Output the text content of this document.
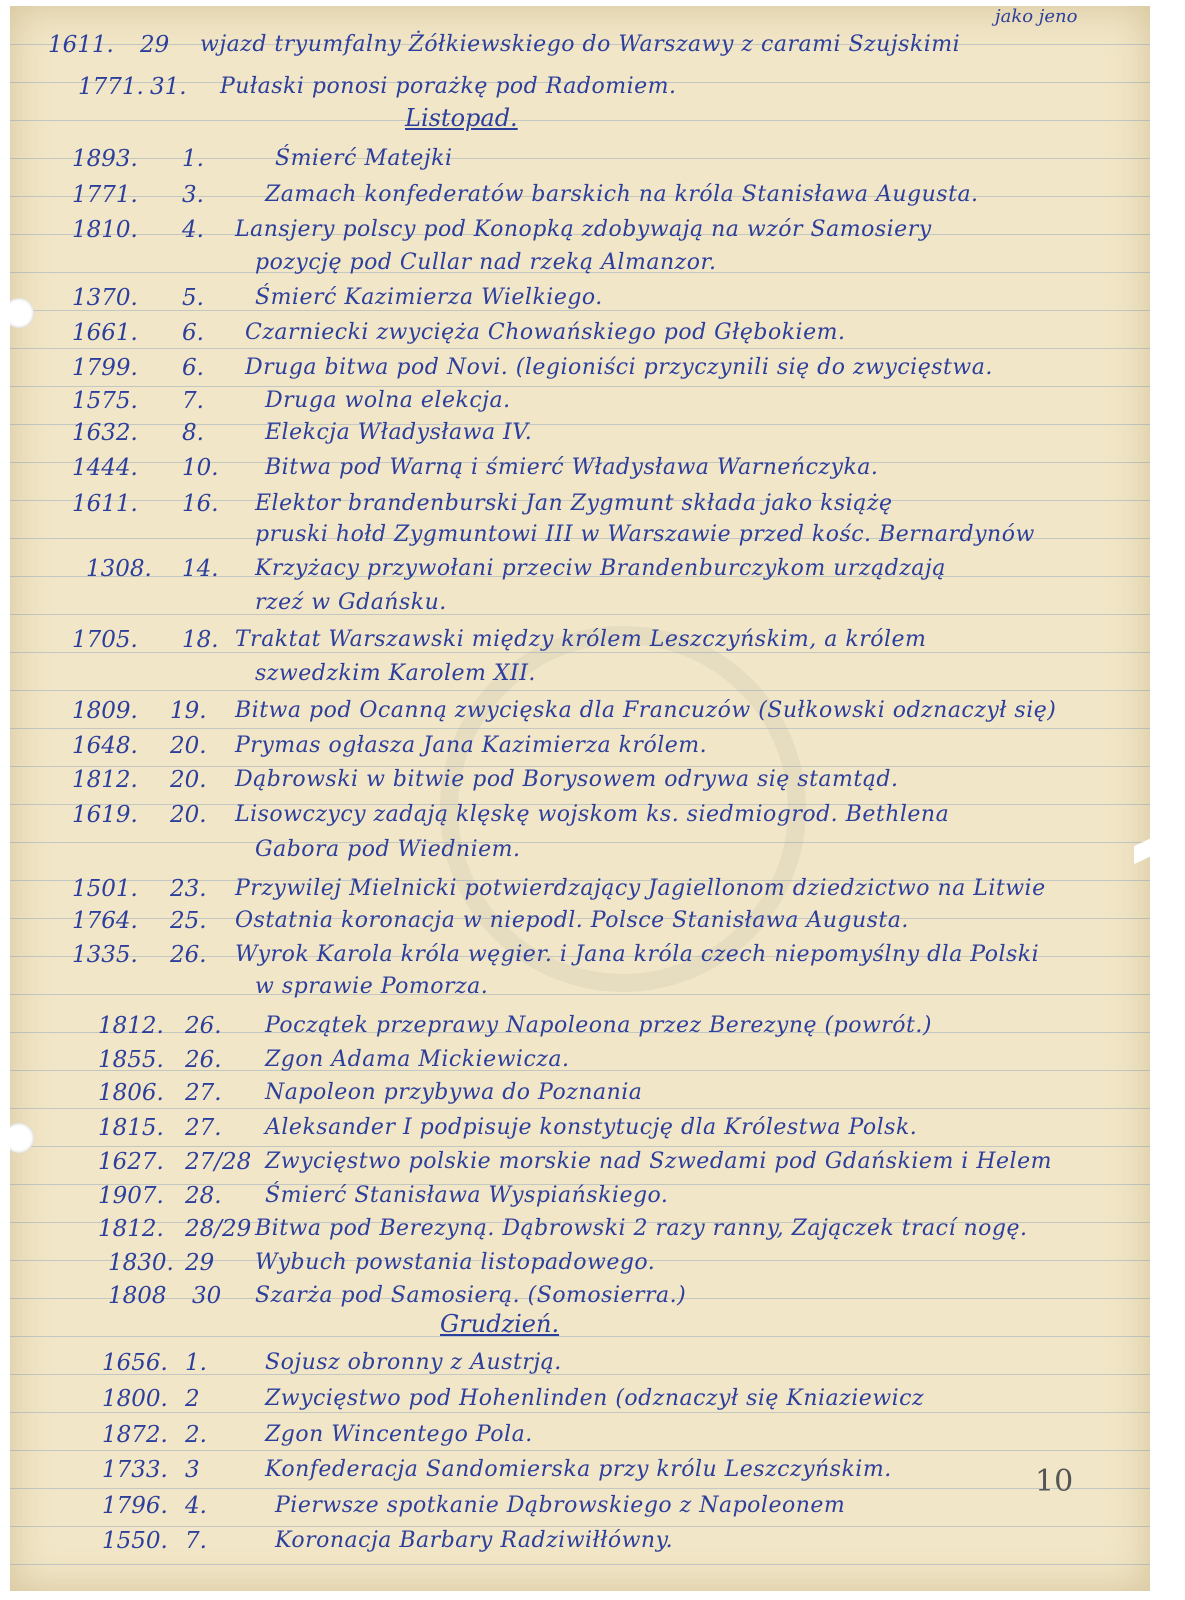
jako jeno
1611.	29	wjazd tryumfalny Żółkiewskiego do Warszawy z carami Szujskimi
1771. 31.	Pułaski ponosi porażkę pod Radomiem.
Listopad.
1893.	1.	Śmierć Matejki
1771.	3.	Zamach konfederatów barskich na króla Stanisława Augusta.
1810.	4.	Lansjery polscy pod Konopką zdobywają na wzór Samosiery
pozycję pod Cullar nad rzeką Almanzor.
1370.	5.	Śmierć Kazimierza Wielkiego.
1661.	6.	Czarniecki zwycięża Chowańskiego pod Głębokiem.
1799.	6.	Druga bitwa pod Novi. (legioniści przyczynili się do zwycięstwa.
1575.	7.	Druga wolna elekcja.
1632.	8.	Elekcja Władysława IV.
1444.	10.	Bitwa pod Warną i śmierć Władysława Warneńczyka.
1611.	16.	Elektor brandenburski Jan Zygmunt składa jako książę
pruski hołd Zygmuntowi III w Warszawie przed kośc. Bernardynów
1308.	14.	Krzyżacy przywołani przeciw Brandenburczykom urządzają
rzeź w Gdańsku.
1705.	18. Traktat Warszawski między królem Leszczyńskim, a królem
szwedzkim Karolem XII.
1809.	19.	Bitwa pod Ocanną zwycięska dla Francuzów (Sułkowski odznaczył się)
1648.	20.	Prymas ogłasza Jana Kazimierza królem.
1812.	20.	Dąbrowski w bitwie pod Borysowem odrywa się stamtąd.
1619.	20.	Lisowczycy zadają klęskę wojskom ks. siedmiogrod. Bethlena
Gabora pod Wiedniem.
1501.	23.	Przywilej Mielnicki potwierdzający Jagiellonom dziedzictwo na Litwie
1764.	25.	Ostatnia koronacja w niepodl. Polsce Stanisława Augusta.
1335.	26.	Wyrok Karola króla węgier. i Jana króla czech niepomyślny dla Polski
w sprawie Pomorza.
1812. 26.	Początek przeprawy Napoleona przez Berezynę (powrót.)
1855. 26.	Zgon Adama Mickiewicza.
1806. 27.	Napoleon przybywa do Poznania
1815. 27.	Aleksander I podpisuje konstytucję dla Królestwa Polsk.
1627. 27/28 Zwycięstwo polskie morskie nad Szwedami pod Gdańskiem i Helem
1907. 28.	Śmierć Stanisława Wyspiańskiego.
1812. 28/29 Bitwa pod Berezyną. Dąbrowski 2 razy ranny, Zajączek trací nogę.
1830. 29	Wybuch powstania listopadowego.
1808	30	Szarża pod Samosierą. (Somosierra.)
Grudzień.
1656. 1.	Sojusz obronny z Austrją.
1800. 2	Zwycięstwo pod Hohenlinden (odznaczył się Kniaziewicz
1872. 2.	Zgon Wincentego Pola.
1733. 3	Konfederacja Sandomierska przy królu Leszczyńskim.
1796. 4.	Pierwsze spotkanie Dąbrowskiego z Napoleonem
1550. 7.	Koronacja Barbary Radziwiłłówny.
10
